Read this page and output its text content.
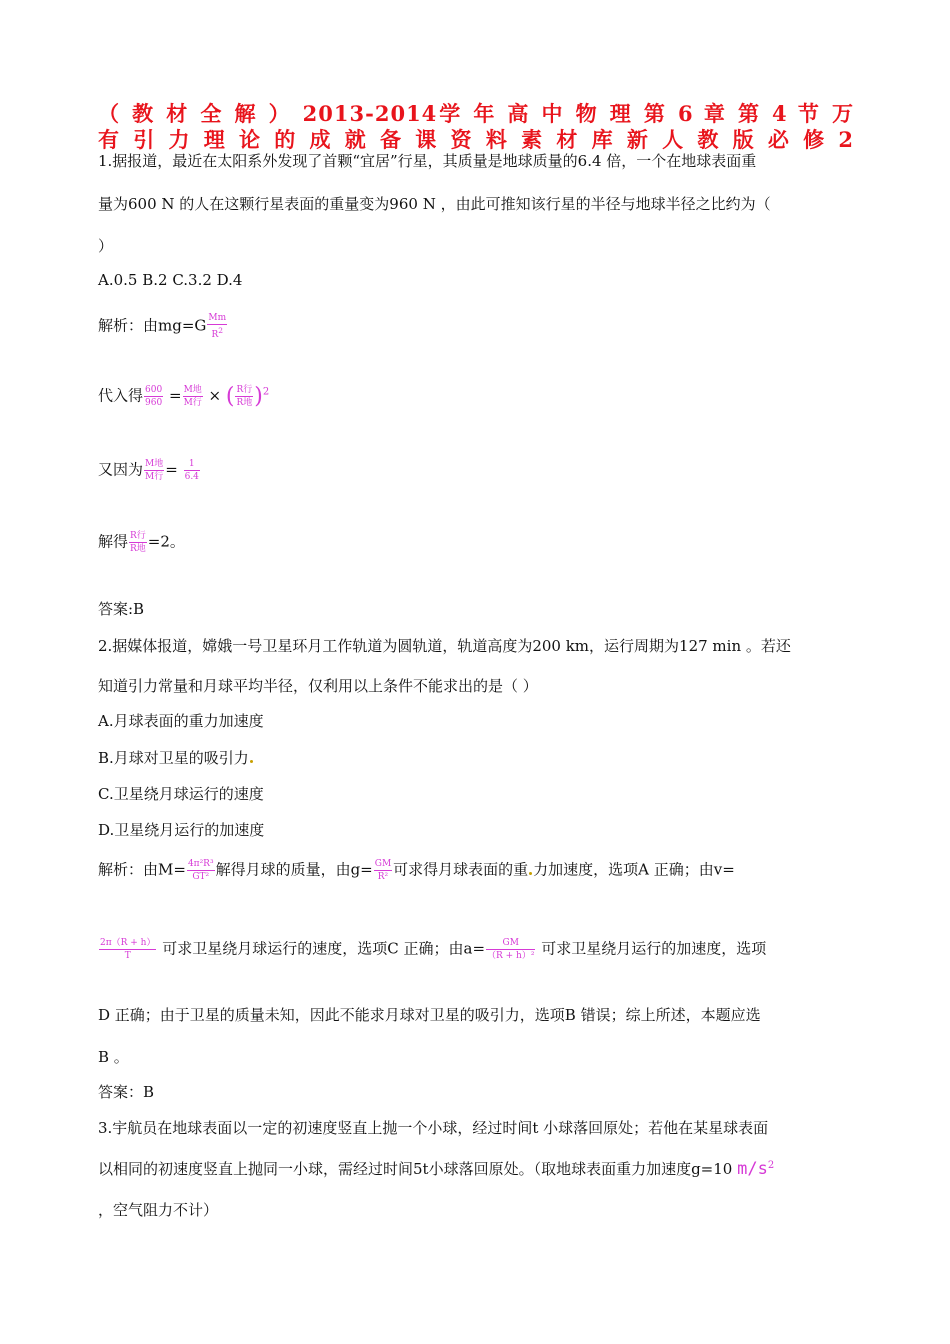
（ 教 材 全 解 ） 2013-2014学 年 高 中 物 理 第 6 章 第 4 节 万
有 引 力 理 论 的 成 就 备 课 资 料 素 材 库 新 人 教 版 必 修 2
1.据报道，最近在太阳系外发现了首颗“宜居”行星，其质量是地球质量的6.4 倍，一个在地球表面重
量为600 N 的人在这颗行星表面的重量变为960 N ，由此可推知该行星的半径与地球半径之比约为（
）
A.0.5 B.2 C.3.2 D.4
解析：由$mg=G \frac{Mm}{R^2}$
代入得 $\frac{600}{960} = \frac{\text{M地}}{\text{M行}}$ × ( $\frac{\text{R行}}{\text{R地}} )^2$
又因为 $\frac{\text{M地}}{\text{M行}} = \frac{1}{6.4}$
解得 $\frac{\text{R行}}{\text{R地}} =2$。
答案:B
2.据媒体报道，嫦娥一号卫星环月工作轨道为圆轨道，轨道高度为200 km，运行周期为127 min 。若还
知道引力常量和月球平均半径，仅利用以上条件不能求出的是（ ）
A.月球表面的重力加速度
B.月球对卫星的吸引力
C.卫星绕月球运行的速度
D.卫星绕月运行的加速度
解析：由$M= \frac{\text{4π²R³}}{\text{GT²}}$ 解得月球的质量，由$g= \frac{GM}{\text{R²}}$ 可求得月球表面的重 力加速度，选项A 正确；由v=
$\frac{2\pi(R + h)}{T}$ 可求卫星绕月球运行的速度，选项C 正确；由$a= \frac{GM}{\text{（R + h）²}}$ 可求卫星绕月运行的加速度，选项
D 正确；由于卫星的质量未知，因此不能求月球对卫星的吸引力，选项B 错误；综上所述，本题应选
B 。
答案：B
3.宇航员在地球表面以一定的初速度竖直上抛一个小球，经过时间t 小球落回原处；若他在某星球表面
以相同的初速度竖直上抛同一小球，需经过时间5t小球落回原处。（取地球表面重力加速度g=10 $m/s^2$
，空气阻力不计）
